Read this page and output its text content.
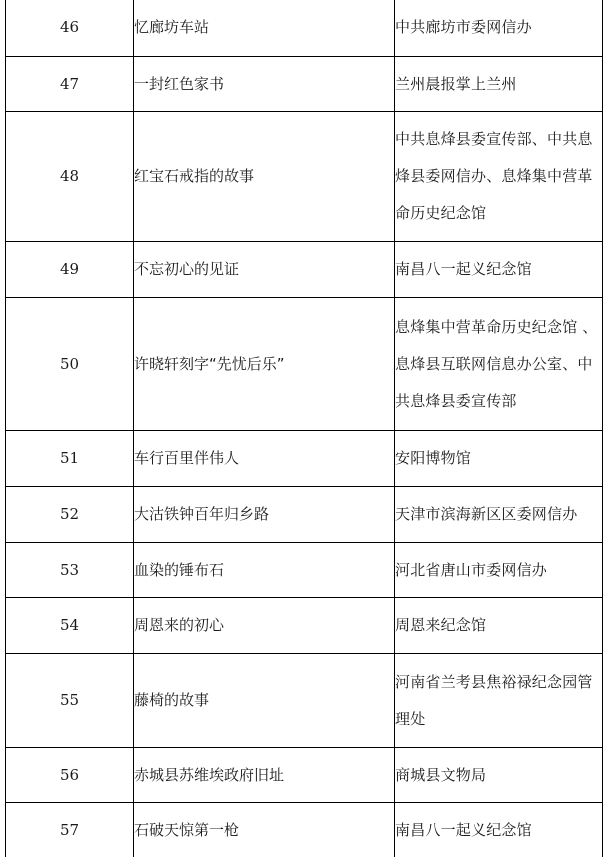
46	忆廊坊车站	中共廊坊市委网信办

47	一封红色家书	兰州晨报掌上兰州

48	红宝石戒指的故事	中共息烽县委宣传部、中共息烽县委网信办、息烽集中营革命历史纪念馆

49	不忘初心的见证	南昌八一起义纪念馆

50	许晓轩刻字“先忧后乐”	息烽集中营革命历史纪念馆 、息烽县互联网信息办公室、中共息烽县委宣传部

51	车行百里伴伟人	安阳博物馆

52	大沽铁钟百年归乡路	天津市滨海新区区委网信办

53	血染的锤布石	河北省唐山市委网信办

54	周恩来的初心	周恩来纪念馆

55	藤椅的故事	河南省兰考县焦裕禄纪念园管理处

56	赤城县苏维埃政府旧址	商城县文物局

57	石破天惊第一枪	南昌八一起义纪念馆
